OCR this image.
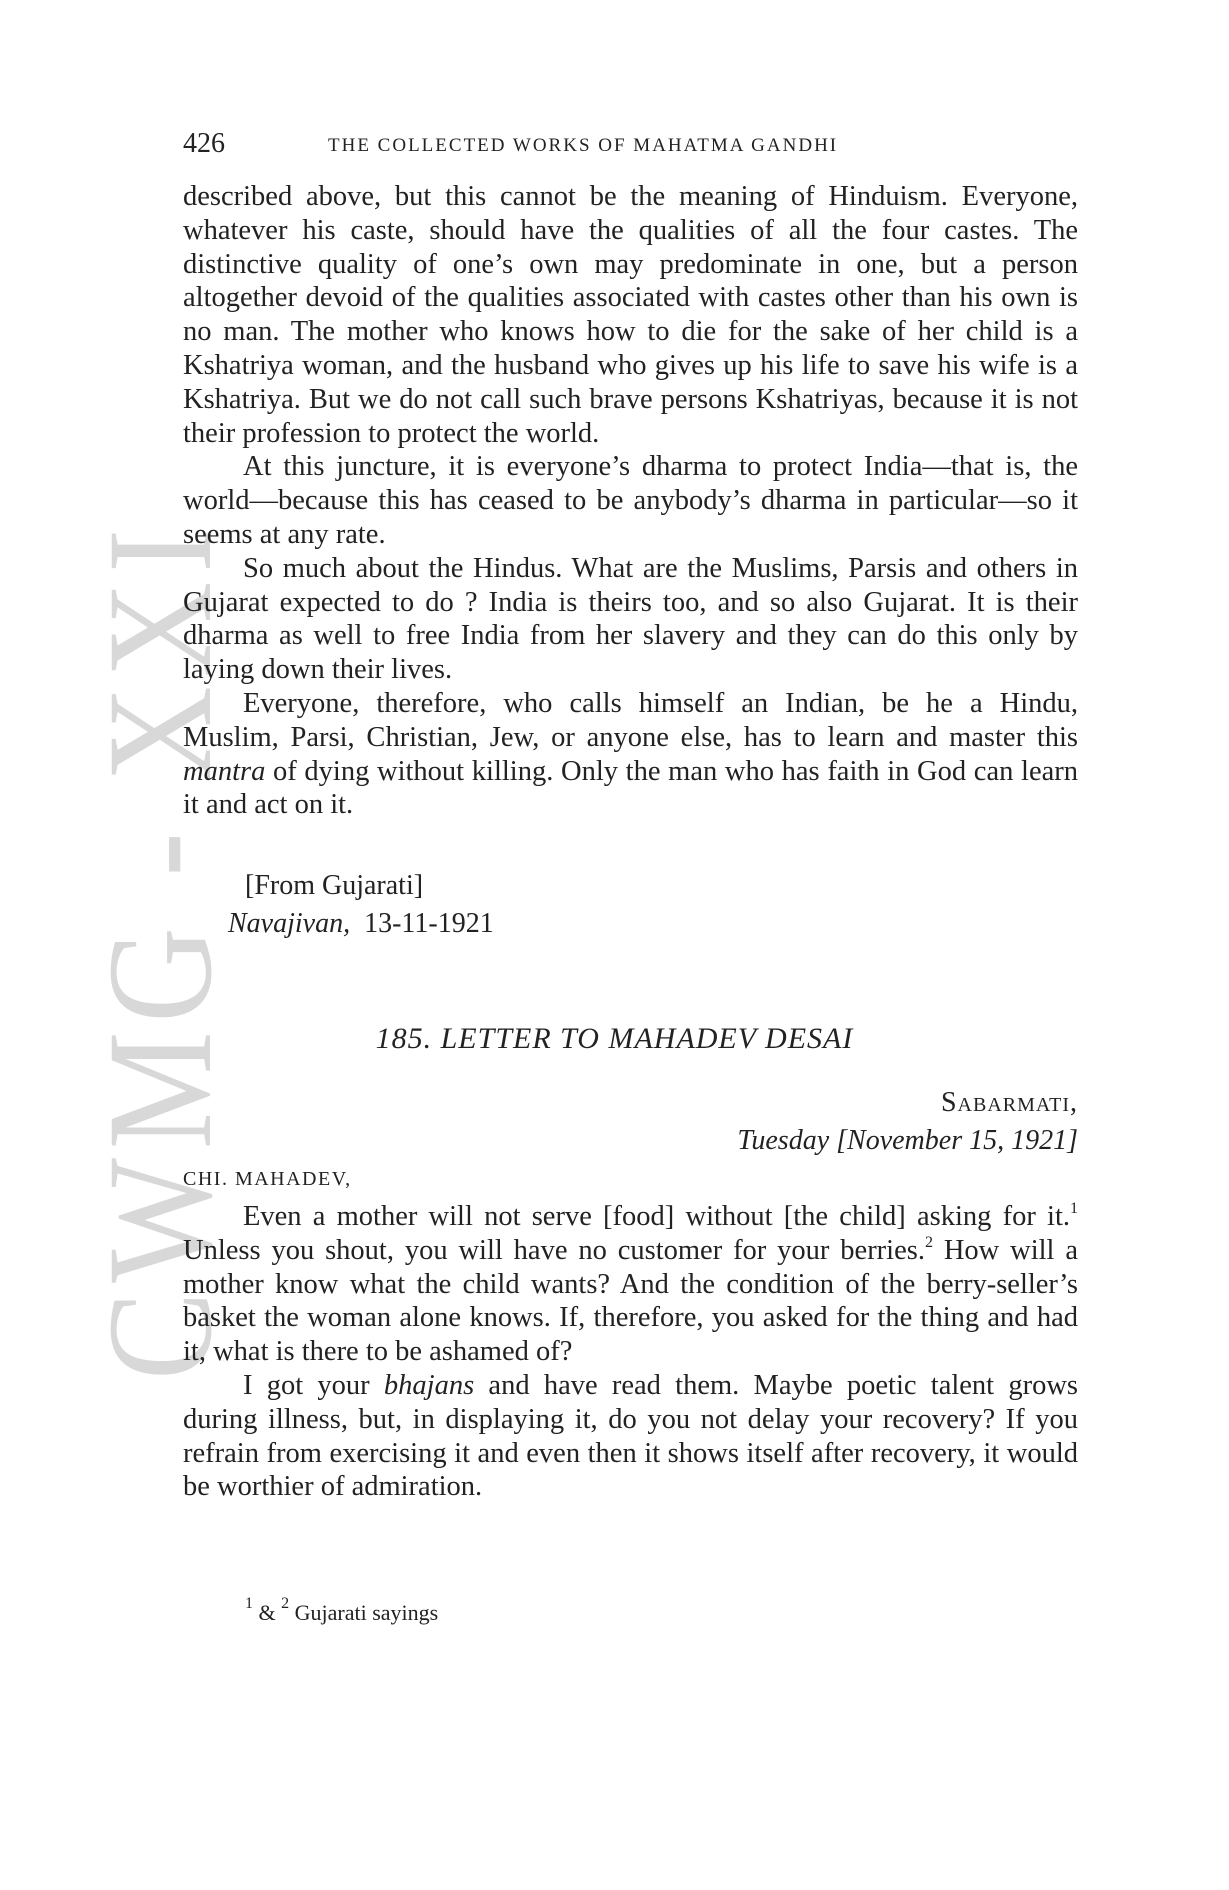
CWMG X
426	THE COLLECTED WORKS OF MAHATMA GANDHI

described above, but this cannot be the meaning of Hinduism. Everyone, whatever his caste, should have the qualities of all the four castes. The distinctive quality of one’s own may predominate in one, but a person altogether devoid of the qualities associated with castes other than his own is no man. The mother who knows how to die for the sake of her child is a Kshatriya woman, and the husband who gives up his life to save his wife is a Kshatriya. But we do not call such brave persons Kshatriyas, because it is not their profession to protect the world.

At this juncture, it is everyone’s dharma to protect India—that is, the world—because this has ceased to be anybody’s dharma in particular—so it seems at any rate.

So much about the Hindus. What are the Muslims, Parsis and others in Gujarat expected to do ? India is theirs too, and so also Gujarat. It is their dharma as well to free India from her slavery and they can do this only by laying down their lives.

Everyone, therefore, who calls himself an Indian, be he a Hindu, Muslim, Parsi, Christian, Jew, or anyone else, has to learn and master this mantra of dying without killing. Only the man who has faith in God can learn it and act on it.

[From Gujarati]
Navajivan, 13-11-1921
185. LETTER TO MAHADEV DESAI
Sabarmati,
Tuesday [November 15, 1921]
CHI. MAHADEV,

Even a mother will not serve [food] without [the child] asking for it.$^1$ Unless you shout, you will have no customer for your berries.$^2$ How will a mother know what the child wants? And the condition of the berry-seller’s basket the woman alone knows. If, therefore, you asked for the thing and had it, what is there to be ashamed of?

I got your bhajans and have read them. Maybe poetic talent grows during illness, but, in displaying it, do you not delay your recovery? If you refrain from exercising it and even then it shows itself after recovery, it would be worthier of admiration.

$^1$ & $^2$ Gujarati sayings
